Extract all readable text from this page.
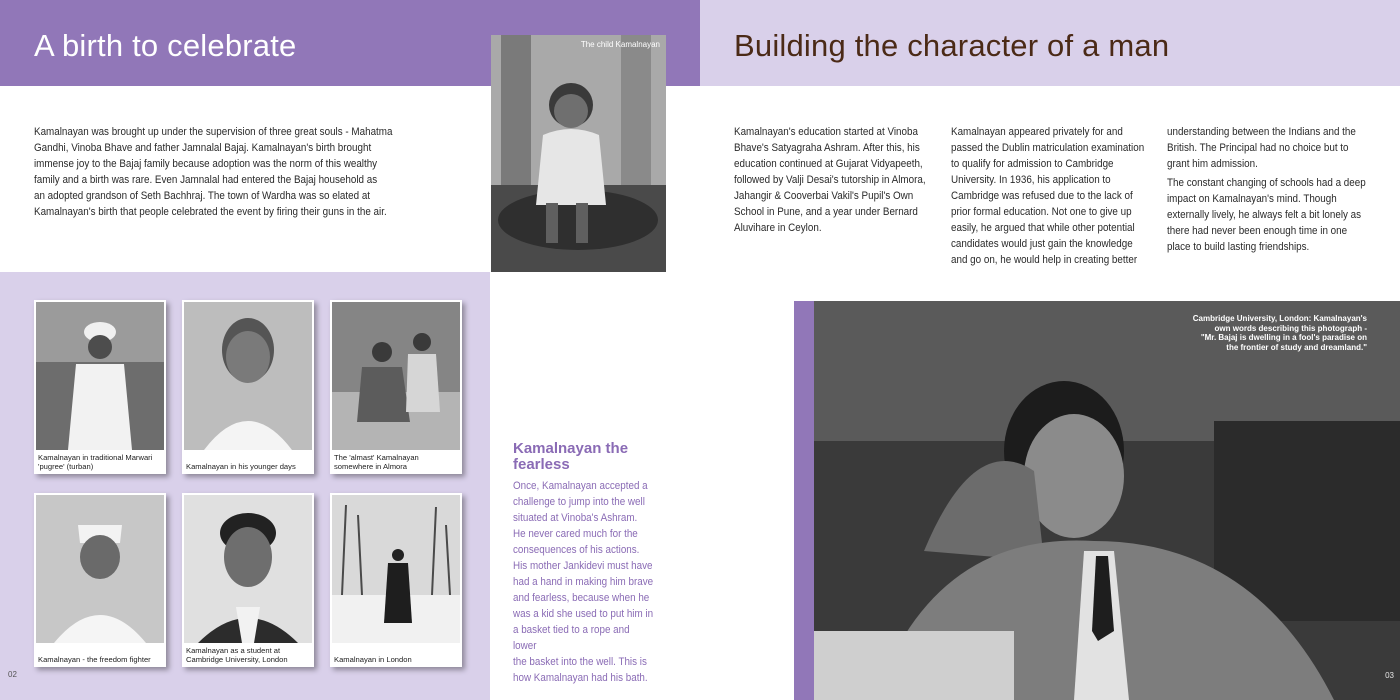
A birth to celebrate
Kamalnayan was brought up under the supervision of three great souls - Mahatma
Gandhi, Vinoba Bhave and father Jamnalal Bajaj. Kamalnayan's birth brought
immense joy to the Bajaj family because adoption was the norm of this wealthy
family and a birth was rare. Even Jamnalal had entered the Bajaj household as
an adopted grandson of Seth Bachhraj. The town of Wardha was so elated at
Kamalnayan's birth that people celebrated the event by firing their guns in the air.
The child Kamalnayan
Kamalnayan in traditional Marwari 'pugree' (turban)	Kamalnayan in his younger days
The 'almast' Kamalnayan somewhere in Almora
Kamalnayan - the freedom fighter
Kamalnayan as a student at Cambridge University, London	Kamalnayan in London
Kamalnayan the fearless
Once, Kamalnayan accepted a
challenge to jump into the well
situated at Vinoba's Ashram.
He never cared much for the
consequences of his actions.
His mother Jankidevi must have
had a hand in making him brave
and fearless, because when he
was a kid she used to put him in
a basket tied to a rope and lower
the basket into the well. This is
how Kamalnayan had his bath.
02
Building the character of a man
Kamalnayan's education started at Vinoba
Bhave's Satyagraha Ashram. After this, his
education continued at Gujarat Vidyapeeth,
followed by Valji Desai's tutorship in Almora,
Jahangir & Cooverbai Vakil's Pupil's Own
School in Pune, and a year under Bernard
Aluvihare in Ceylon.
Kamalnayan appeared privately for and
passed the Dublin matriculation examination
to qualify for admission to Cambridge
University. In 1936, his application to
Cambridge was refused due to the lack of
prior formal education. Not one to give up
easily, he argued that while other potential
candidates would just gain the knowledge
and go on, he would help in creating better

understanding between the Indians and the
British. The Principal had no choice but to
grant him admission.

The constant changing of schools had a deep
impact on Kamalnayan's mind. Though
externally lively, he always felt a bit lonely as
there had never been enough time in one
place to build lasting friendships.

Cambridge University, London: Kamalnayan's
own words describing this photograph -
"Mr. Bajaj is dwelling in a fool's paradise on
the frontier of study and dreamland."
03
